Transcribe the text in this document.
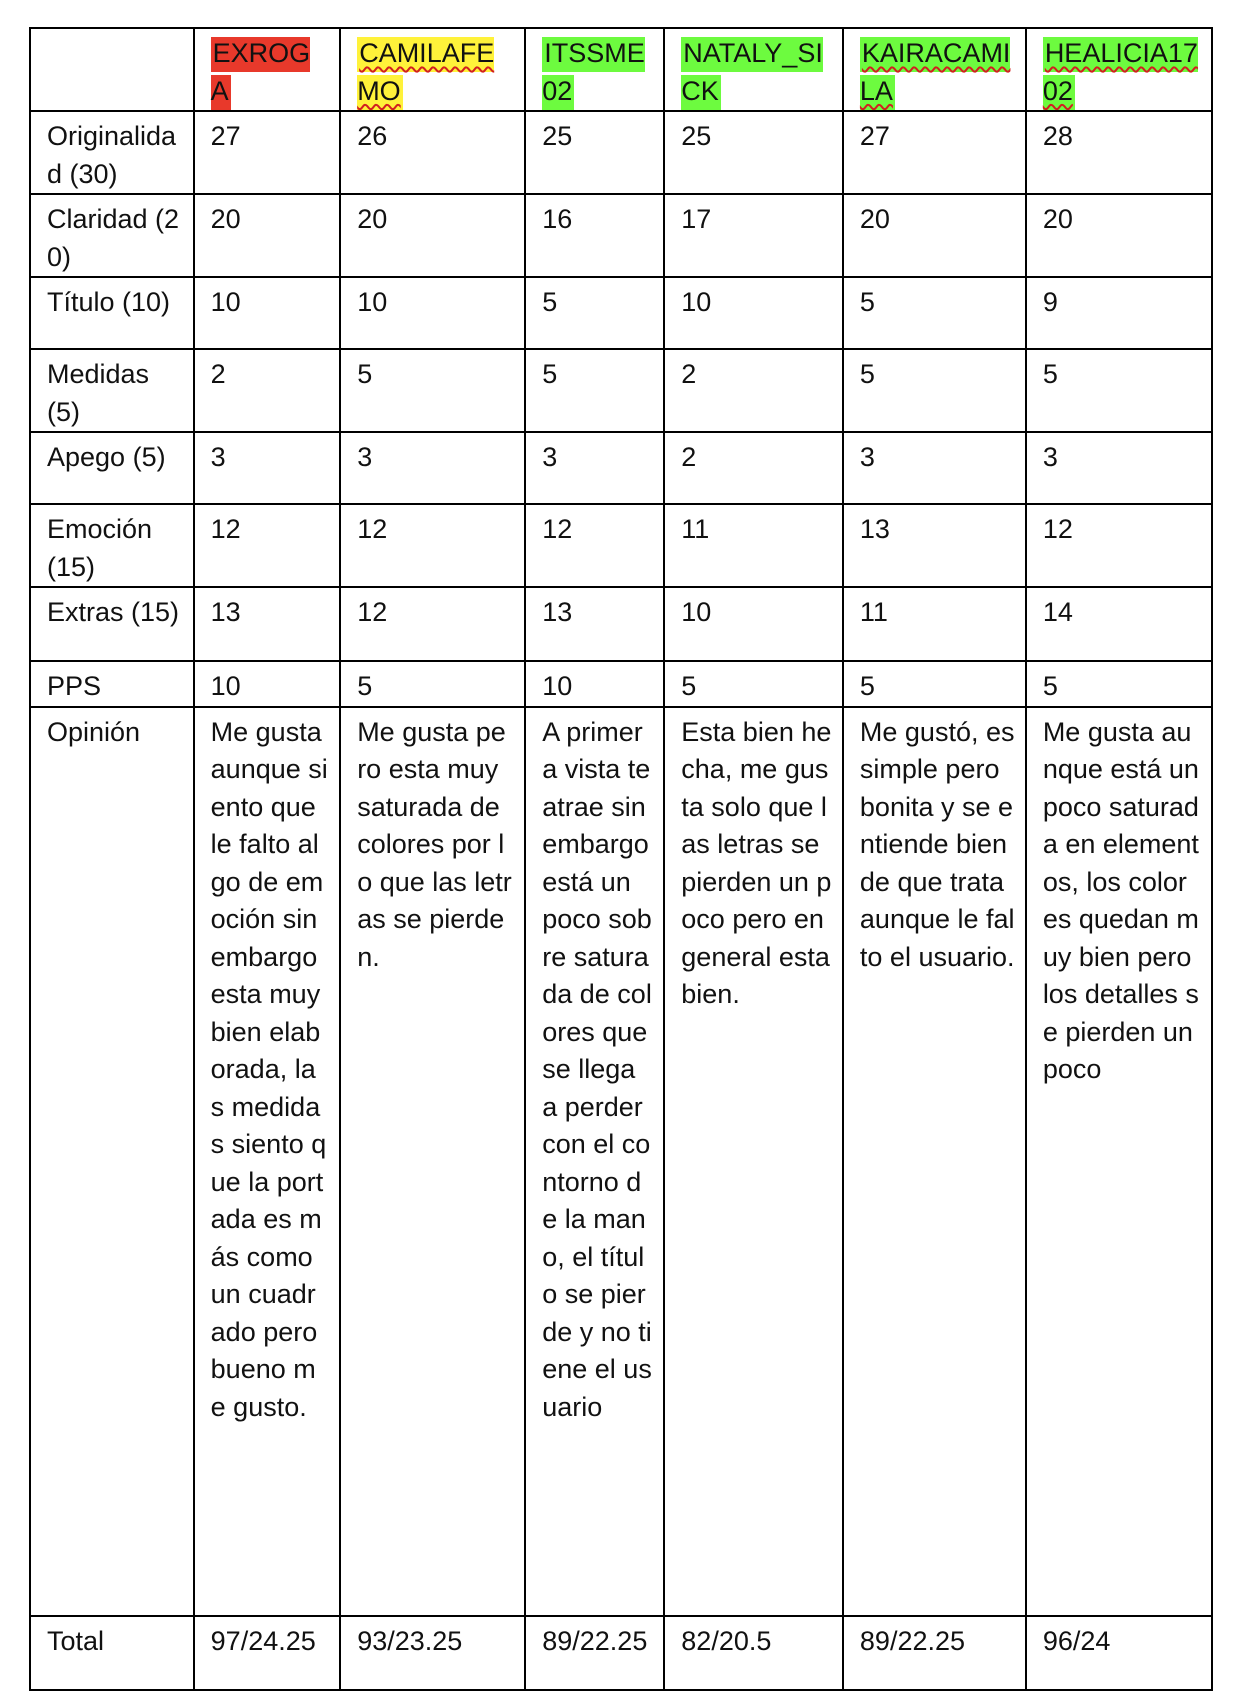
	EXROGA	CAMILAFEMO	ITSSME02	NATALY_SICK	KAIRACAMILA	HEALICIA1702
Originalidad (30)	27	26	25	25	27	28
Claridad (20)	20	20	16	17	20	20
Título (10)	10	10	5	10	5	9
Medidas (5)	2	5	5	2	5	5
Apego (5)	3	3	3	2	3	3
Emoción (15)	12	12	12	11	13	12
Extras (15)	13	12	13	10	11	14
PPS	10	5	10	5	5	5
Opinión	Me gusta aunque siento que le falto algo de emoción sin embargo esta muy bien elaborada, las medidas siento que la portada es más como un cuadrado pero bueno me gusto.	Me gusta pero esta muy saturada de colores por lo que las letras se pierden.	A primera vista te atrae sin embargo está un poco sobre saturada de colores que se llega a perder con el contorno de la mano, el título se pierde y no tiene el usuario	Esta bien hecha, me gusta solo que las letras se pierden un poco pero en general esta bien.	Me gustó, es simple pero bonita y se entiende bien de que trata aunque le falto el usuario.	Me gusta aunque está un poco saturada en elementos, los colores quedan muy bien pero los detalles se pierden un poco
Total	97/24.25	93/23.25	89/22.25	82/20.5	89/22.25	96/24
